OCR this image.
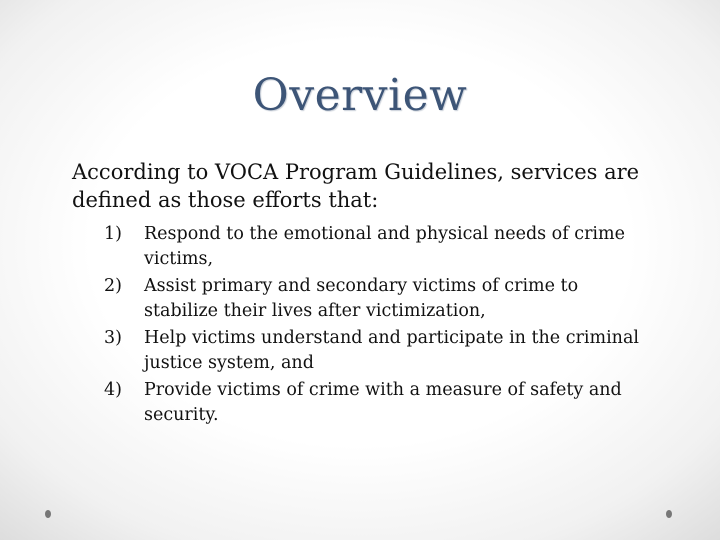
Overview
According to VOCA Program Guidelines, services are defined as those efforts that:
1) Respond to the emotional and physical needs of crime victims,
2) Assist primary and secondary victims of crime to stabilize their lives after victimization,
3) Help victims understand and participate in the criminal justice system, and
4) Provide victims of crime with a measure of safety and security.
